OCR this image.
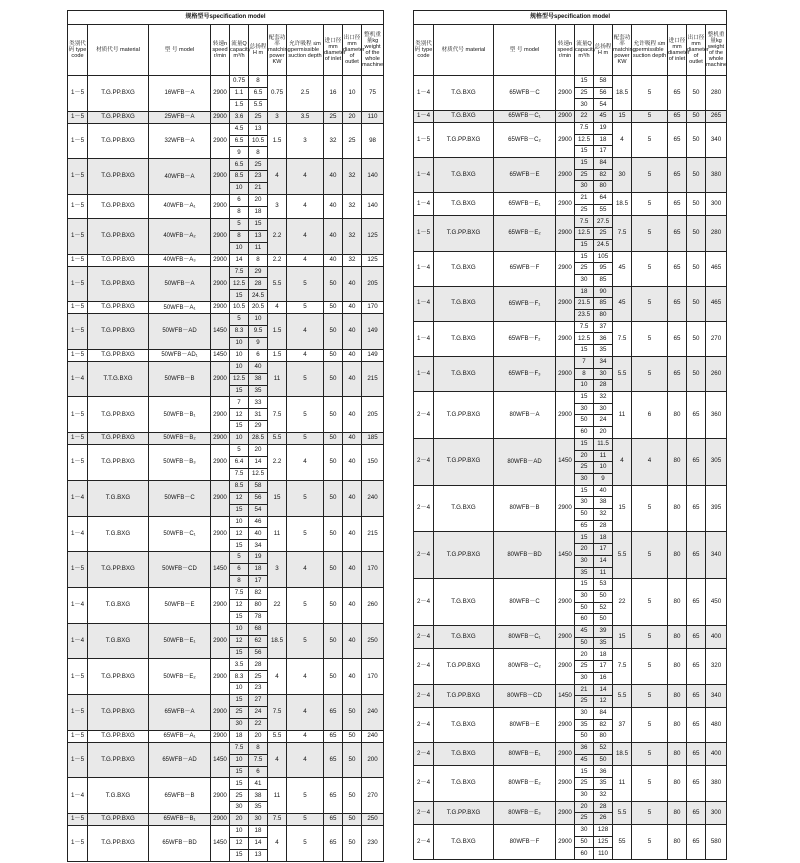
规格型号specification model										
类别代码 type code	材质代号 material	型 号 model	转速n speed r/min	流量Q capacity m³/h	总扬程 H m	配套功率 matching power KW	允许吸程 ≤m permissible suction depth	进口径 mm diameter of inlet	出口径 mm diameter of outlet	整机重量kg weight of the whole machine
1－5	T.G.PP.BXG	16WFB－A	2900	0.75	8	0.75	2.5	16	10	75
				1.1	6.5					
				1.5	5.5					
1－5	T.G.PP.BXG	25WFB－A	2900	3.6	25	3	3.5	25	20	110
1－5	T.G.PP.BXG	32WFB－A	2900	4.5	13	1.5	3	32	25	98
				6.5	10.5					
				9	8					
1－5	T.G.PP.BXG	40WFB－A	2900	6.5	25	4	4	40	32	140
				8.5	23					
				10	21					
1－5	T.G.PP.BXG	40WFB－A₁	2900	6	20	3	4	40	32	140
				8	18					
1－5	T.G.PP.BXG	40WFB－A₂	2900	5	15	2.2	4	40	32	125
				8	13					
				10	11					
1－5	T.G.PP.BXG	40WFB－A₃	2900	14	8	2.2	4	40	32	125
1－5	T.G.PP.BXG	50WFB－A	2900	7.5	29	5.5	5	50	40	205
				12.5	28					
				15	24.5					
1－5	T.G.PP.BXG	50WFB－A₁	2900	10.5	20.5	4	5	50	40	170
1－5	T.G.PP.BXG	50WFB－AD	1450	5	10	1.5	4	50	40	149
				8.3	9.5					
				10	9					
1－5	T.G.PP.BXG	50WFB－AD₁	1450	10	6	1.5	4	50	40	149
1－4	T.T.G.BXG	50WFB－B	2900	10	40	11	5	50	40	215
				12.5	38					
				15	35					
1－5	T.G.PP.BXG	50WFB－B₁	2900	7	33	7.5	5	50	40	205
				12	31					
				15	29					
1－5	T.G.PP.BXG	50WFB－B₂	2900	10	28.5	5.5	5	50	40	185
1－5	T.G.PP.BXG	50WFB－B₃	2900	5	20	2.2	4	50	40	150
				6.4	14					
				7.5	12.5					
1－4	T.G.BXG	50WFB－C	2900	8.5	58	15	5	50	40	240
				12	56					
				15	54					
1－4	T.G.BXG	50WFB－C₁	2900	10	46	11	5	50	40	215
				12	40					
				15	34					
1－5	T.G.PP.BXG	50WFB－CD	1450	5	19	3	4	50	40	170
				6	18					
				8	17					
1－4	T.G.BXG	50WFB－E	2900	7.5	82	22	5	50	40	260
				12	80					
				15	78					
1－4	T.G.BXG	50WFB－E₁	2900	10	68	18.5	5	50	40	250
				12	62					
				15	56					
1－5	T.G.PP.BXG	50WFB－E₂	2900	3.5	28	4	4	50	40	170
				8.3	25					
				10	23					
1－5	T.G.PP.BXG	65WFB－A	2900	15	27	7.5	4	65	50	240
				25	24					
				30	22					
1－5	T.G.PP.BXG	65WFB－A₁	2900	18	20	5.5	4	65	50	240
1－5	T.G.PP.BXG	65WFB－AD	1450	7.5	8	4	4	65	50	200
				10	7.5					
				15	6					
1－4	T.G.BXG	65WFB－B	2900	15	41	11	5	65	50	270
				25	38					
				30	35					
1－5	T.G.PP.BXG	65WFB－B₁	2900	20	30	7.5	5	65	50	250
1－5	T.G.PP.BXG	65WFB－BD	1450	10	18	4	5	65	50	230
				12	14					
				15	13					
规格型号specification model										
类别代码 type code	材质代号 material	型 号 model	转速n speed r/min	流量Q capacity m³/h	总扬程 H m	配套功率 matching power KW	允许吸程 ≤m permissible suction depth	进口径 mm diameter of inlet	出口径 mm diameter of outlet	整机重量kg weight of the whole machine
1－4	T.G.BXG	65WFB－C	2900	15	58	18.5	5	65	50	280
				25	56					
				30	54					
1－4	T.G.BXG	65WFB－C₁	2900	22	45	15	5	65	50	265
1－5	T.G.PP.BXG	65WFB－C₂	2900	7.5	19	4	5	65	50	340
				12.5	18					
				15	17					
1－4	T.G.BXG	65WFB－E	2900	15	84	30	5	65	50	380
				25	82					
				30	80					
1－4	T.G.BXG	65WFB－E₁	2900	21	64	18.5	5	65	50	300
				25	55					
1－5	T.G.PP.BXG	65WFB－E₂	2900	7.5	27.5	7.5	5	65	50	280
				12.5	25					
				15	24.5					
1－4	T.G.BXG	65WFB－F	2900	15	105	45	5	65	50	465
				25	95					
				30	85					
1－4	T.G.BXG	65WFB－F₁	2900	18	90	45	5	65	50	465
				21.5	85					
				23.5	80					
1－4	T.G.BXG	65WFB－F₂	2900	7.5	37	7.5	5	65	50	270
				12.5	36					
				15	35					
1－4	T.G.BXG	65WFB－F₃	2900	7	34	5.5	5	65	50	260
				8	30					
				10	28					
2－4	T.G.PP.BXG	80WFB－A	2900	15	32	11	6	80	65	360
				30	30					
				50	24					
				60	20					
2－4	T.G.PP.BXG	80WFB－AD	1450	15	11.5	4	4	80	65	305
				20	11					
				25	10					
				30	9					
2－4	T.G.BXG	80WFB－B	2900	15	40	15	5	80	65	395
				30	38					
				50	32					
				65	28					
2－4	T.G.PP.BXG	80WFB－BD	1450	15	18	5.5	5	80	65	340
				20	17					
				30	14					
				35	11					
2－4	T.G.BXG	80WFB－C	2900	15	53	22	5	80	65	450
				30	50					
				50	52					
				60	50					
2－4	T.G.BXG	80WFB－C₁	2900	45	39	15	5	80	65	400
				50	35					
2－4	T.G.PP.BXG	80WFB－C₂	2900	20	18	7.5	5	80	65	320
				25	17					
				30	16					
2－4	T.G.PP.BXG	80WFB－CD	1450	21	14	5.5	5	80	65	340
				25	12					
2－4	T.G.BXG	80WFB－E	2900	30	84	37	5	80	65	480
				35	82					
				50	80					
2－4	T.G.BXG	80WFB－E₁	2900	36	52	18.5	5	80	65	400
				45	50					
2－4	T.G.BXG	80WFB－E₂	2900	15	36	11	5	80	65	380
				25	35					
				30	32					
2－4	T.G.PP.BXG	80WFB－E₃	2900	20	28	5.5	5	80	65	300
				25	26					
2－4	T.G.BXG	80WFB－F	2900	30	128	55	5	80	65	580
				50	125					
				60	110					
